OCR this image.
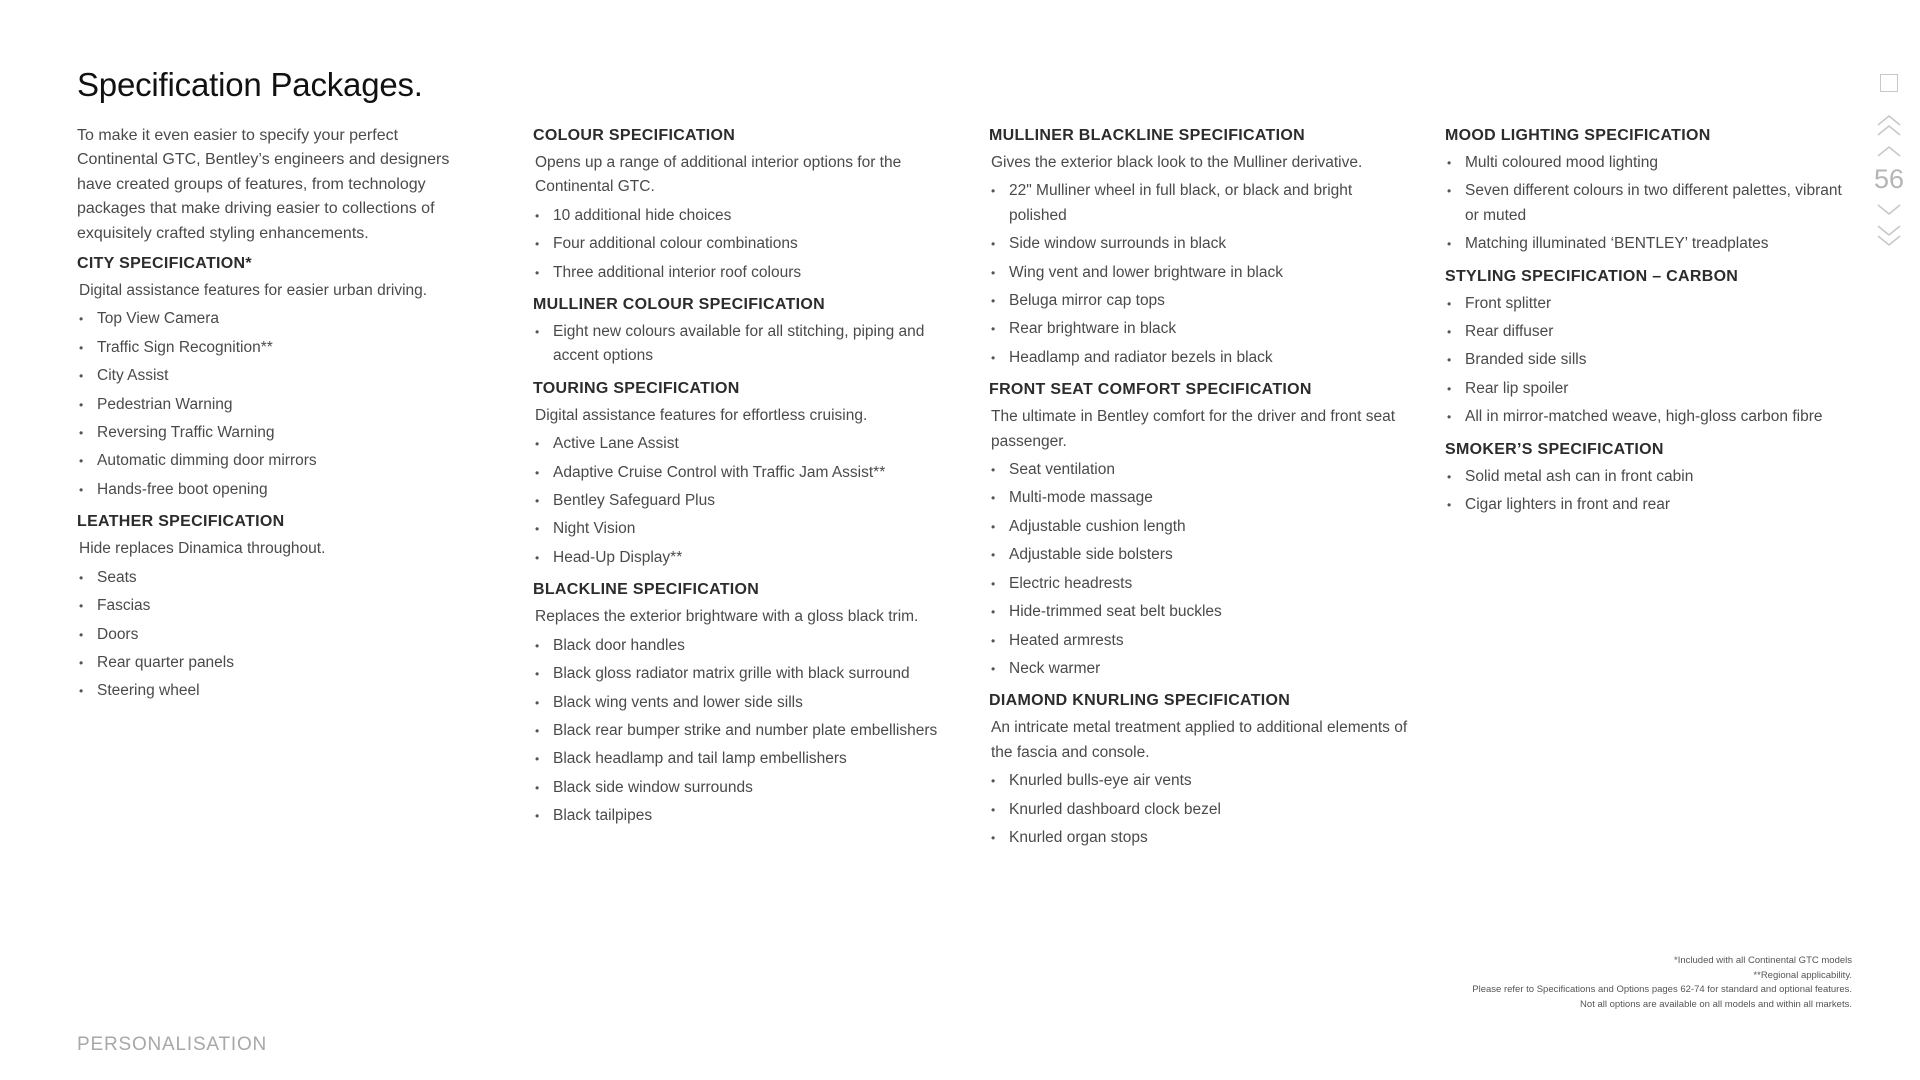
Specification Packages.

To make it even easier to specify your perfect Continental GTC, Bentley’s engineers and designers have created groups of features, from technology packages that make driving easier to collections of exquisitely crafted styling enhancements.

CITY SPECIFICATION*

Digital assistance features for easier urban driving.

• Top View Camera
• Traffic Sign Recognition**
• City Assist
• Pedestrian Warning
• Reversing Traffic Warning
• Automatic dimming door mirrors
• Hands-free boot opening
LEATHER SPECIFICATION

Hide replaces Dinamica throughout.

• Seats
• Fascias
• Doors
• Rear quarter panels
• Steering wheel
COLOUR SPECIFICATION

Opens up a range of additional interior options for the Continental GTC.

• 10 additional hide choices
• Four additional colour combinations
• Three additional interior roof colours
MULLINER COLOUR SPECIFICATION
• Eight new colours available for all stitching, piping and accent options
TOURING SPECIFICATION

Digital assistance features for effortless cruising.

• Active Lane Assist
• Adaptive Cruise Control with Traffic Jam Assist**
• Bentley Safeguard Plus
• Night Vision
• Head-Up Display**
BLACKLINE SPECIFICATION

Replaces the exterior brightware with a gloss black trim.

• Black door handles
• Black gloss radiator matrix grille with black surround
• Black wing vents and lower side sills
• Black rear bumper strike and number plate embellishers
• Black headlamp and tail lamp embellishers
• Black side window surrounds
• Black tailpipes
MULLINER BLACKLINE SPECIFICATION

Gives the exterior black look to the Mulliner derivative.

• 22" Mulliner wheel in full black, or black and bright polished
• Side window surrounds in black
• Wing vent and lower brightware in black
• Beluga mirror cap tops
• Rear brightware in black
• Headlamp and radiator bezels in black
FRONT SEAT COMFORT SPECIFICATION

The ultimate in Bentley comfort for the driver and front seat passenger.

• Seat ventilation
• Multi-mode massage
• Adjustable cushion length
• Adjustable side bolsters
• Electric headrests
• Hide-trimmed seat belt buckles
• Heated armrests
• Neck warmer
DIAMOND KNURLING SPECIFICATION

An intricate metal treatment applied to additional elements of the fascia and console.

• Knurled bulls-eye air vents
• Knurled dashboard clock bezel
• Knurled organ stops
MOOD LIGHTING SPECIFICATION
• Multi coloured mood lighting
• Seven different colours in two different palettes, vibrant or muted
• Matching illuminated ‘BENTLEY’ treadplates
STYLING SPECIFICATION – CARBON
• Front splitter
• Rear diffuser
• Branded side sills
• Rear lip spoiler
• All in mirror-matched weave, high-gloss carbon fibre
SMOKER’S SPECIFICATION
• Solid metal ash can in front cabin
• Cigar lighters in front and rear
56
*Included with all Continental GTC models
**Regional applicability.
Please refer to Specifications and Options pages 62-74 for standard and optional features.
Not all options are available on all models and within all markets.
PERSONALISATION
